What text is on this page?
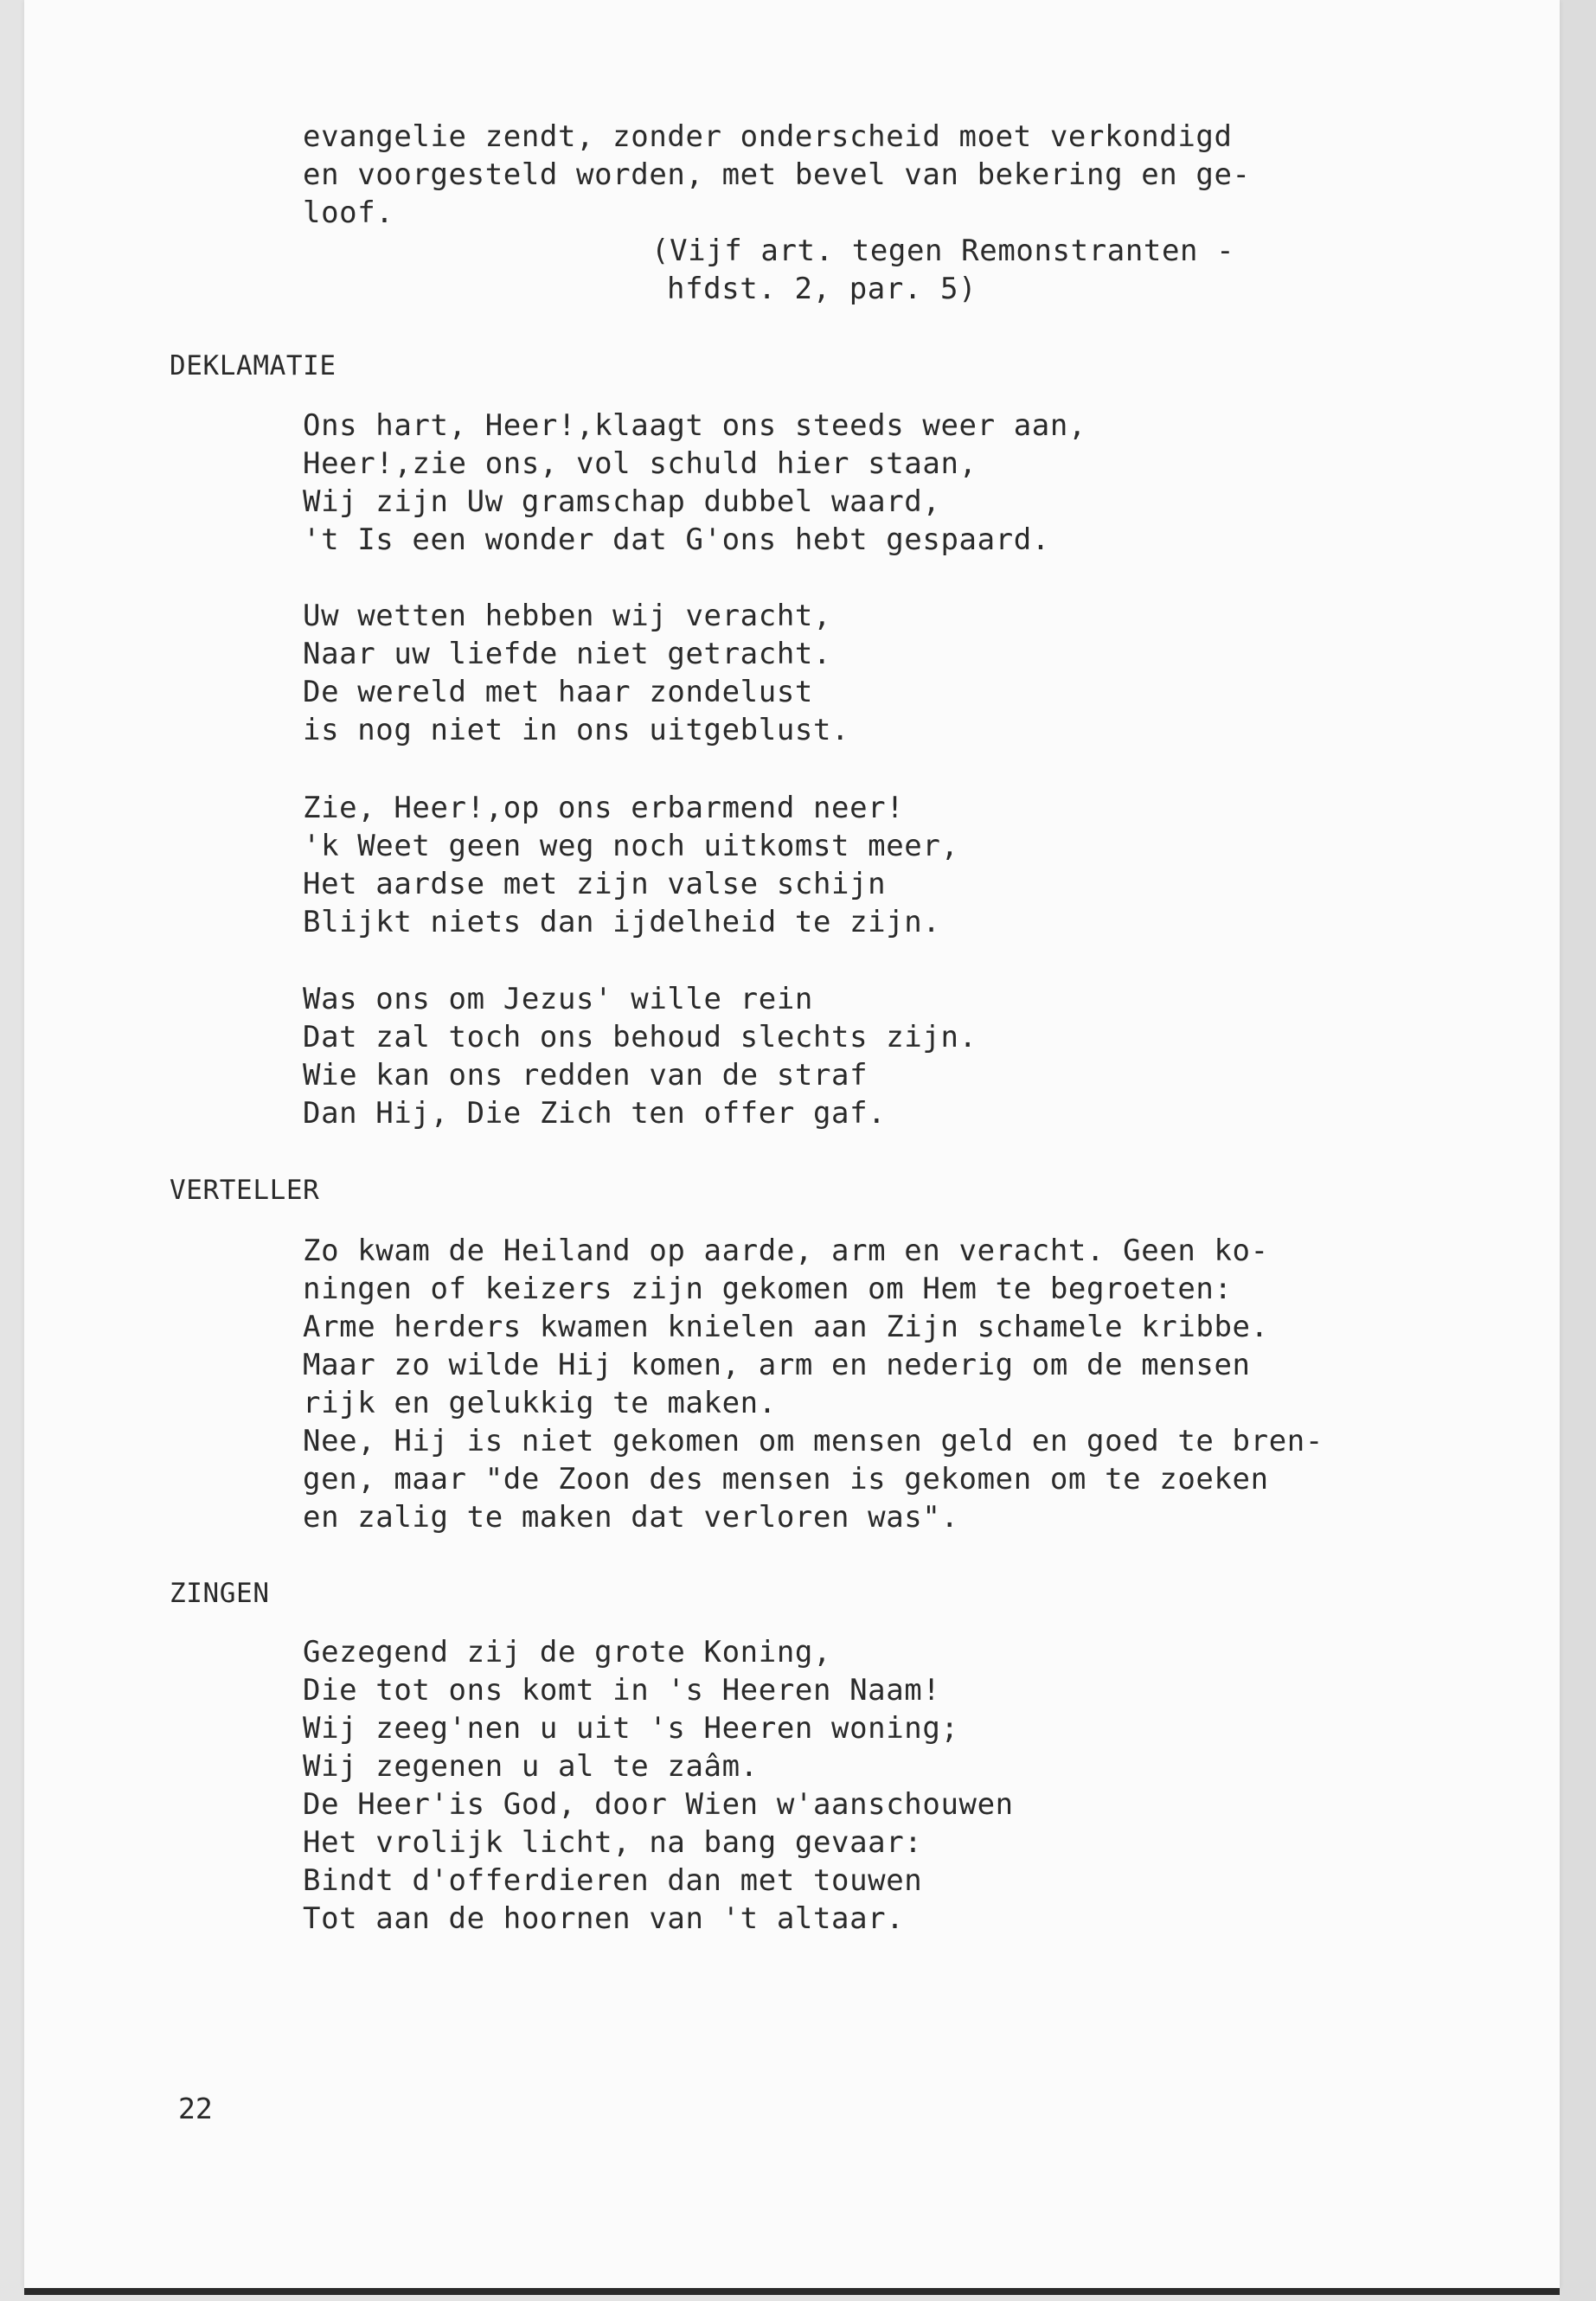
evangelie zendt, zonder onderscheid moet verkondigd
en voorgesteld worden, met bevel van bekering en ge-
loof.
(Vijf art. tegen Remonstranten -
hfdst. 2, par. 5)
DEKLAMATIE
Ons hart, Heer!,klaagt ons steeds weer aan,
Heer!,zie ons, vol schuld hier staan,
Wij zijn Uw gramschap dubbel waard,
't Is een wonder dat G'ons hebt gespaard.
Uw wetten hebben wij veracht,
Naar uw liefde niet getracht.
De wereld met haar zondelust
is nog niet in ons uitgeblust.
Zie, Heer!,op ons erbarmend neer!
'k Weet geen weg noch uitkomst meer,
Het aardse met zijn valse schijn
Blijkt niets dan ijdelheid te zijn.
Was ons om Jezus' wille rein
Dat zal toch ons behoud slechts zijn.
Wie kan ons redden van de straf
Dan Hij, Die Zich ten offer gaf.
VERTELLER
Zo kwam de Heiland op aarde, arm en veracht. Geen ko-
ningen of keizers zijn gekomen om Hem te begroeten:
Arme herders kwamen knielen aan Zijn schamele kribbe.
Maar zo wilde Hij komen, arm en nederig om de mensen
rijk en gelukkig te maken.
Nee, Hij is niet gekomen om mensen geld en goed te bren-
gen, maar "de Zoon des mensen is gekomen om te zoeken
en zalig te maken dat verloren was".
ZINGEN
Gezegend zij de grote Koning,
Die tot ons komt in 's Heeren Naam!
Wij zeeg'nen u uit 's Heeren woning;
Wij zegenen u al te zaâm.
De Heer'is God, door Wien w'aanschouwen
Het vrolijk licht, na bang gevaar:
Bindt d'offerdieren dan met touwen
Tot aan de hoornen van 't altaar.
22
